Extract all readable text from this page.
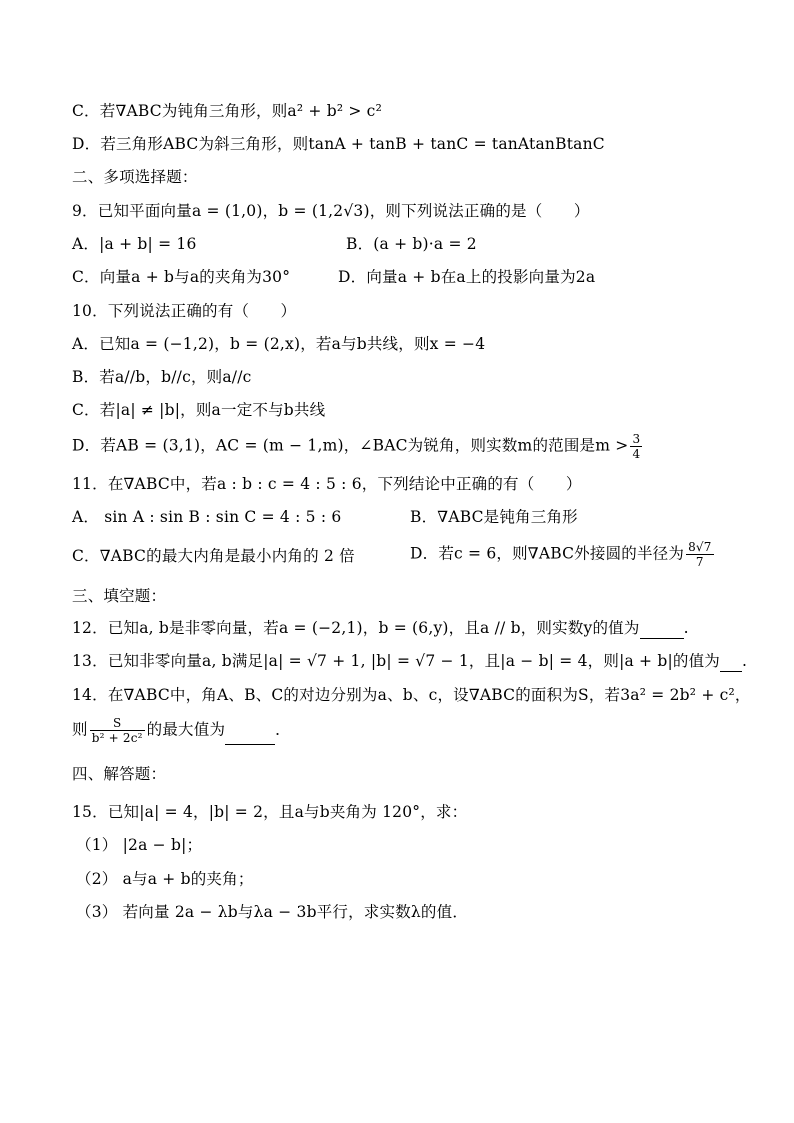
C．若∇ABC为钝角三角形，则a² + b² > c²
D．若三角形ABC为斜三角形，则tanA + tanB + tanC = tanAtanBtanC
二、多项选择题：
9．已知平面向量a = (1,0)，b = (1,2√3)，则下列说法正确的是（　　）
A．|a + b| = 16	B．(a + b)·a = 2
C．向量a + b与a的夹角为30°	D．向量a + b在a上的投影向量为2a
10．下列说法正确的有（　　）
A．已知a = (−1,2)，b = (2,x)，若a与b共线，则x = −4
B．若a//b，b//c，则a//c
C．若|a| ≠ |b|，则a一定不与b共线
D．若AB = (3,1)，AC = (m − 1,m)，∠BAC为锐角，则实数m的范围是$m > \frac{3}{4}$
11．在∇ABC中，若a : b : c = 4 : 5 : 6，下列结论中正确的有（　　）
A． sin A : sin B : sin C = 4 : 5 : 6	B．∇ABC是钝角三角形
C．∇ABC的最大内角是最小内角的 2 倍	D．若c = 6，则∇ABC外接圆的半径为 $\frac{8√7}{7}$
三、填空题：
12．已知a, b是非零向量，若a = (−2,1)，b = (6,y)，且a // b，则实数y的值为	.
13．已知非零向量a, b满足|a| = √7 + 1, |b| = √7 − 1，且|a − b| = 4，则|a + b|的值为 .
14．在∇ABC中，角A、B、C的对边分别为a、b、c，设∇ABC的面积为S，若3a² = 2b² + c²，
则 $\frac{S}{\text{b² + 2c²}}$ 的最大值为	．
四、解答题：
15．已知|a| = 4，|b| = 2，且a与b夹角为 120°，求：
（1） |2a − b|；
（2） a与a + b的夹角；
（3） 若向量 2a − λb与λa − 3b平行，求实数λ的值．
